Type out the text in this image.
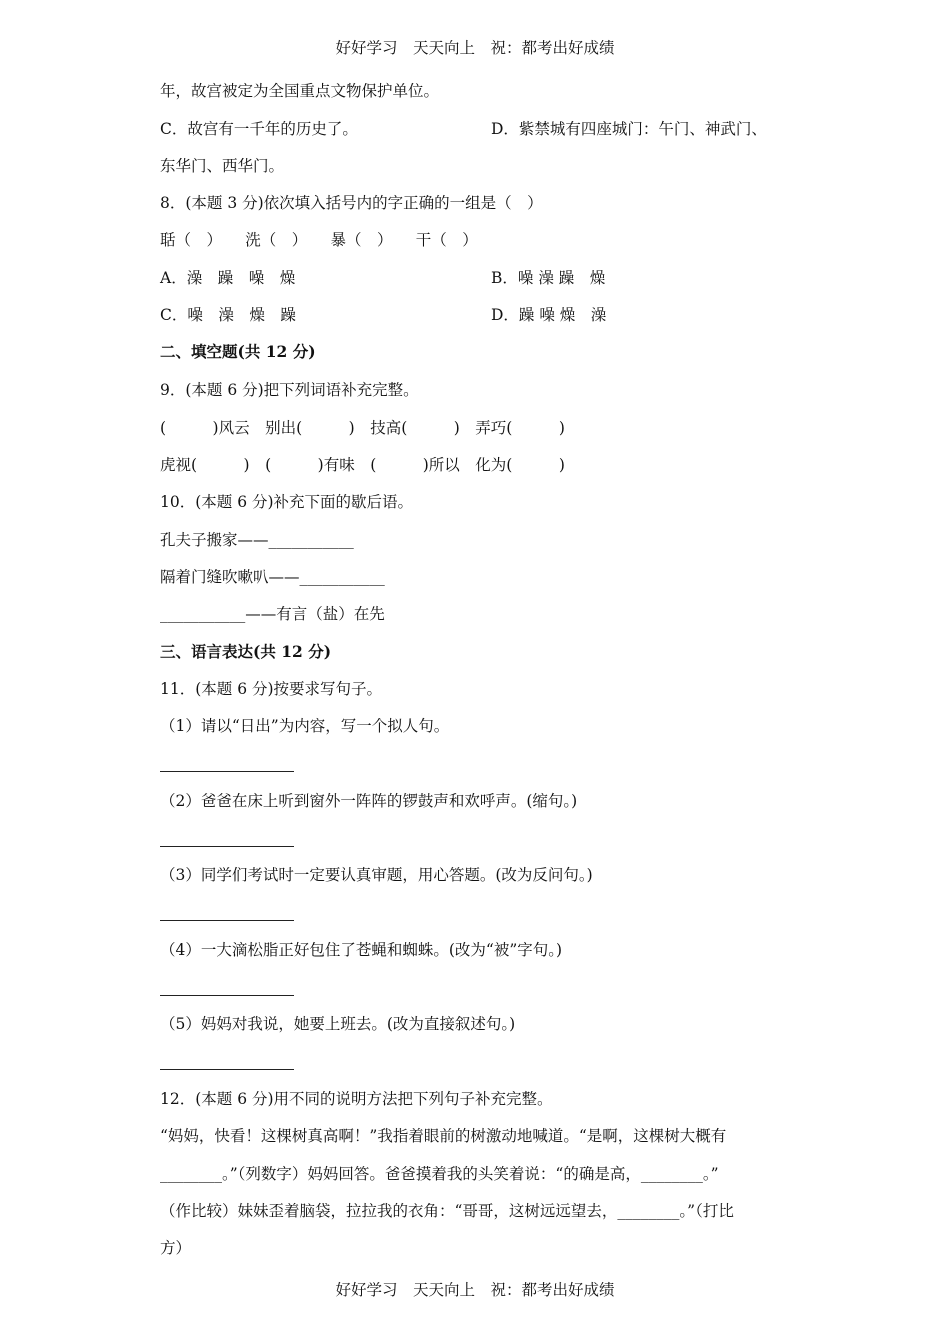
好好学习　天天向上　祝：都考出好成绩
年，故宫被定为全国重点文物保护单位。
C．故宫有一千年的历史了。	D．紫禁城有四座城门：午门、神武门、
东华门、西华门。
8．(本题 3 分)依次填入括号内的字正确的一组是（　）
聒（　）　　洗（　）　　暴（　）　　干（　）
A．澡　躁　噪　燥	B．噪 澡 躁　燥
C．噪　澡　燥　躁	D．躁 噪 燥　澡
二、填空题(共 12 分)
9．(本题 6 分)把下列词语补充完整。
(　　　)风云　别出(　　　)　技高(　　　)　弄巧(　　　)
虎视(　　　)　(　　　)有味　(　　　)所以　化为(　　　)
10．(本题 6 分)补充下面的歇后语。
孔夫子搬家——___________
隔着门缝吹嗽叭——___________
___________——有言（盐）在先
三、语言表达(共 12 分)
11．(本题 6 分)按要求写句子。
（1）请以“日出”为内容，写一个拟人句。
（2）爸爸在床上听到窗外一阵阵的锣鼓声和欢呼声。(缩句。)
（3）同学们考试时一定要认真审题，用心答题。(改为反问句。)
（4）一大滴松脂正好包住了苍蝇和蜘蛛。(改为“被”字句。)
（5）妈妈对我说，她要上班去。(改为直接叙述句。)
12．(本题 6 分)用不同的说明方法把下列句子补充完整。
“妈妈，快看！这棵树真高啊！”我指着眼前的树激动地喊道。“是啊，这棵树大概有
________。”（列数字）妈妈回答。爸爸摸着我的头笑着说：“的确是高，________。”
（作比较）妹妹歪着脑袋，拉拉我的衣角：“哥哥，这树远远望去，________。”（打比
方）
好好学习　天天向上　祝：都考出好成绩
